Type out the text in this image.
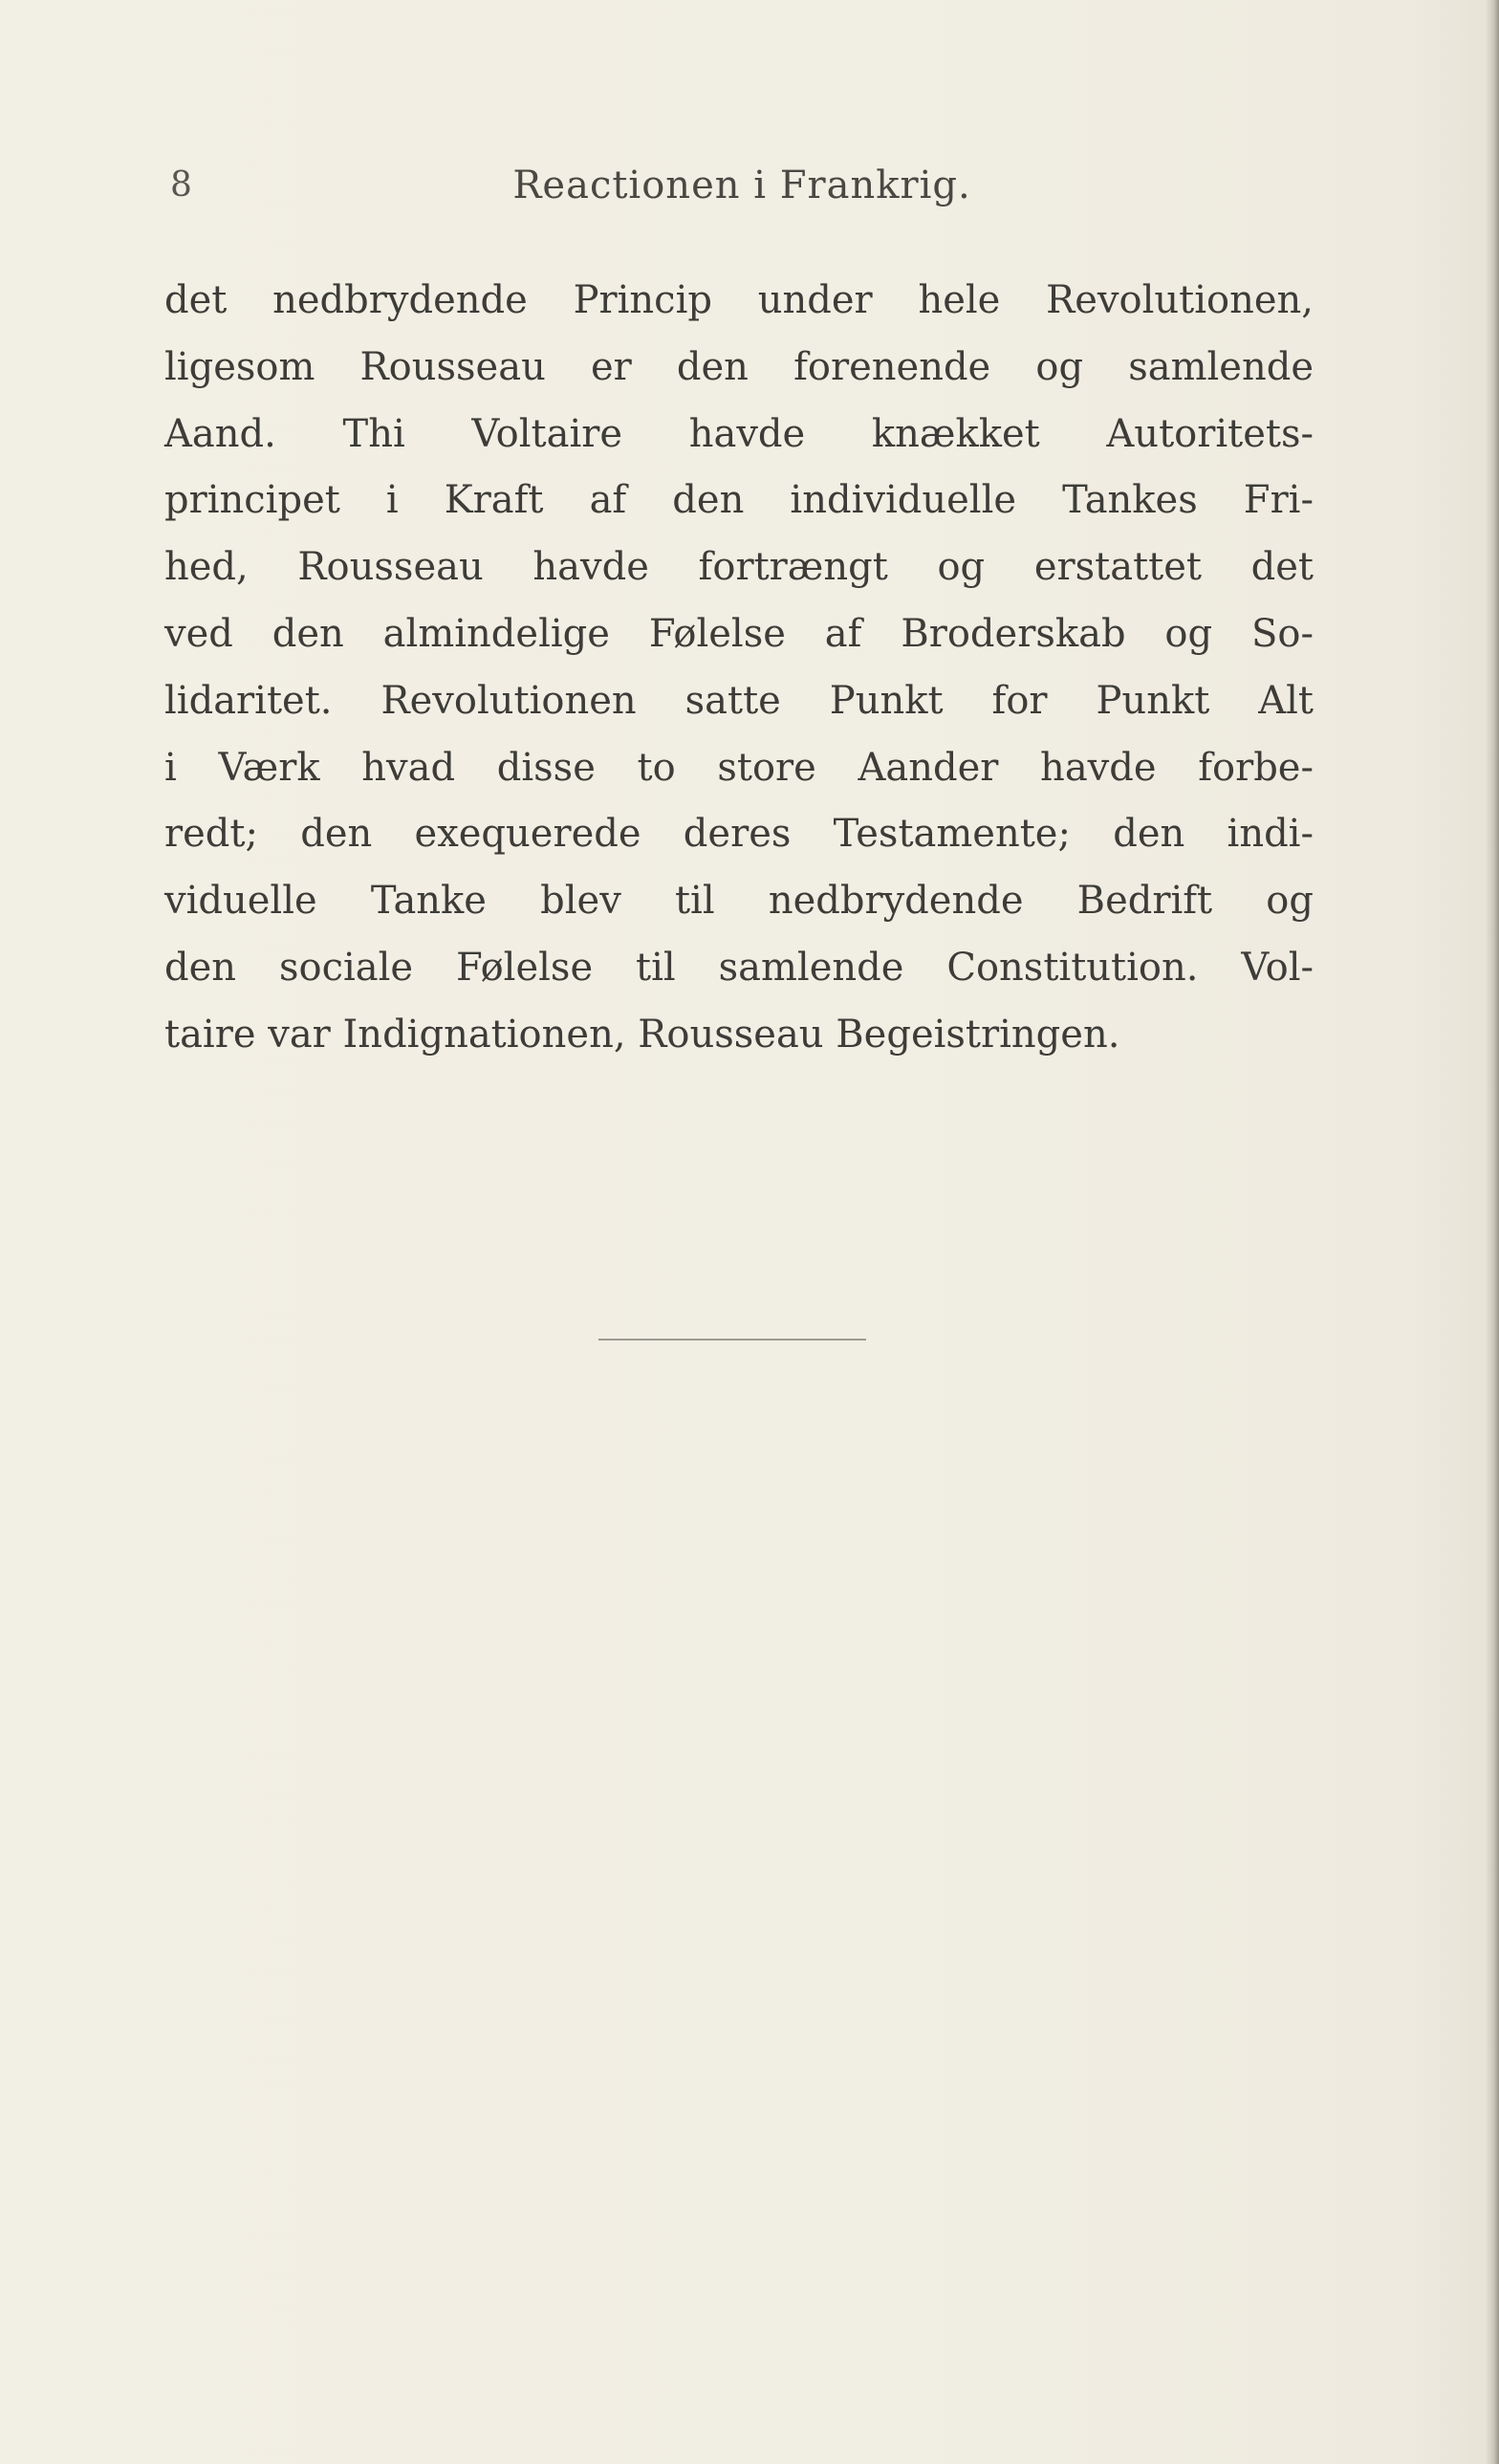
8	Reactionen i Frankrig.
det nedbrydende Princip under hele Revolutionen,
ligesom Rousseau er den forenende og samlende
Aand. Thi Voltaire havde knækket Autoritets-
principet i Kraft af den individuelle Tankes Fri-
hed, Rousseau havde fortrængt og erstattet det
ved den almindelige Følelse af Broderskab og So-
lidaritet. Revolutionen satte Punkt for Punkt Alt
i Værk hvad disse to store Aander havde forbe-
redt; den exequerede deres Testamente; den indi-
viduelle Tanke blev til nedbrydende Bedrift og
den sociale Følelse til samlende Constitution. Vol-
taire var Indignationen, Rousseau Begeistringen.
